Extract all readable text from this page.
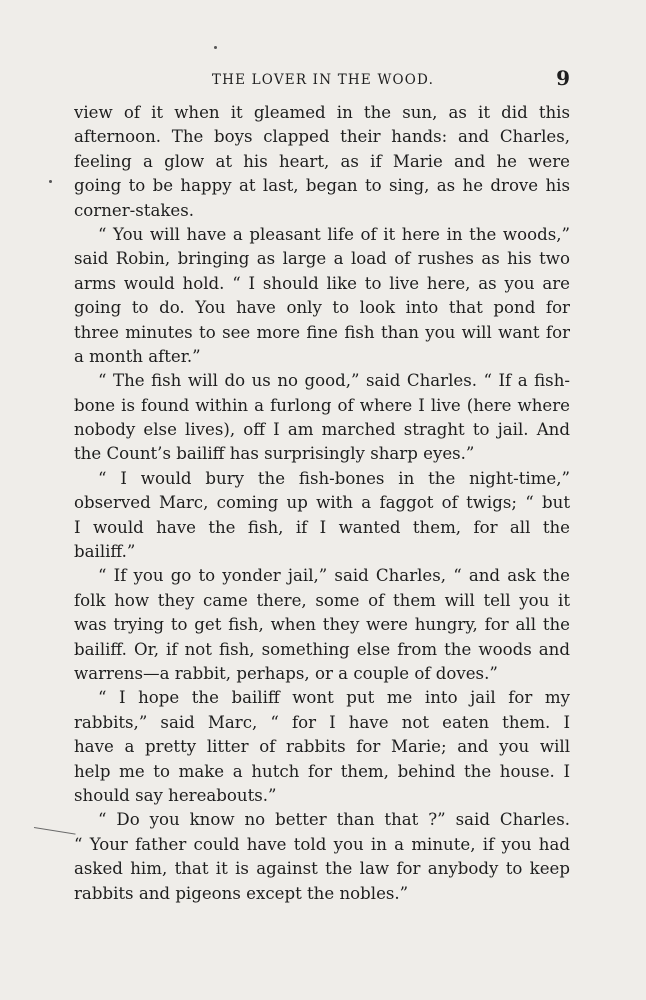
THE LOVER IN THE WOOD.	9
view of it when it gleamed in the sun, as it did this
afternoon. The boys clapped their hands: and Charles,
feeling a glow at his heart, as if Marie and he were
going to be happy at last, began to sing, as he drove his
corner-stakes.
“ You will have a pleasant life of it here in the woods,”
said Robin, bringing as large a load of rushes as his two
arms would hold. “ I should like to live here, as you are
going to do. You have only to look into that pond for
three minutes to see more fine fish than you will want for
a month after.”
“ The fish will do us no good,” said Charles. “ If a fish-
bone is found within a furlong of where I live (here where
nobody else lives), off I am marched straght to jail. And
the Count’s bailiff has surprisingly sharp eyes.”
“ I would bury the fish-bones in the night-time,”
observed Marc, coming up with a faggot of twigs; “ but
I would have the fish, if I wanted them, for all the
bailiff.”
“ If you go to yonder jail,” said Charles, “ and ask the
folk how they came there, some of them will tell you it
was trying to get fish, when they were hungry, for all the
bailiff. Or, if not fish, something else from the woods and
warrens—a rabbit, perhaps, or a couple of doves.”
“ I hope the bailiff wont put me into jail for my
rabbits,” said Marc, “ for I have not eaten them. I
have a pretty litter of rabbits for Marie; and you will
help me to make a hutch for them, behind the house. I
should say hereabouts.”
“ Do you know no better than that ?” said Charles.
“ Your father could have told you in a minute, if you had
asked him, that it is against the law for anybody to keep
rabbits and pigeons except the nobles.”
